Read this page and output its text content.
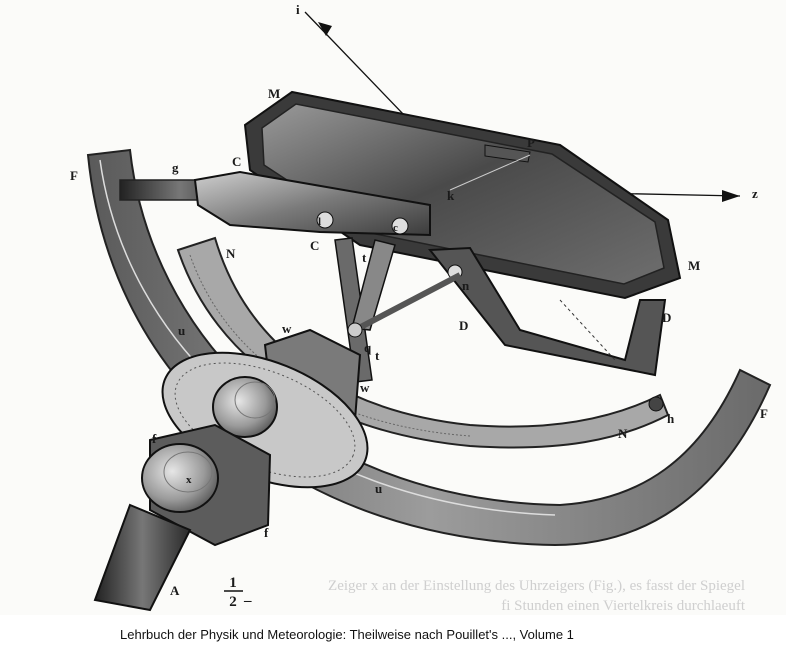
Zeiger x an der Einstellung des Uhrzeigers (Fig.), es fasst der Spiegel
fi Stunden einen Viertelkreis durchlaeuft
i
P
M
M
k	z
F
F
g	C
C
N
N
l	c
t
t
n
q
D
D
u
u
w
w
f
f
h
x
A	1
2 ‒
Lehrbuch der Physik und Meteorologie: Theilweise nach Pouillet's ..., Volume 1
